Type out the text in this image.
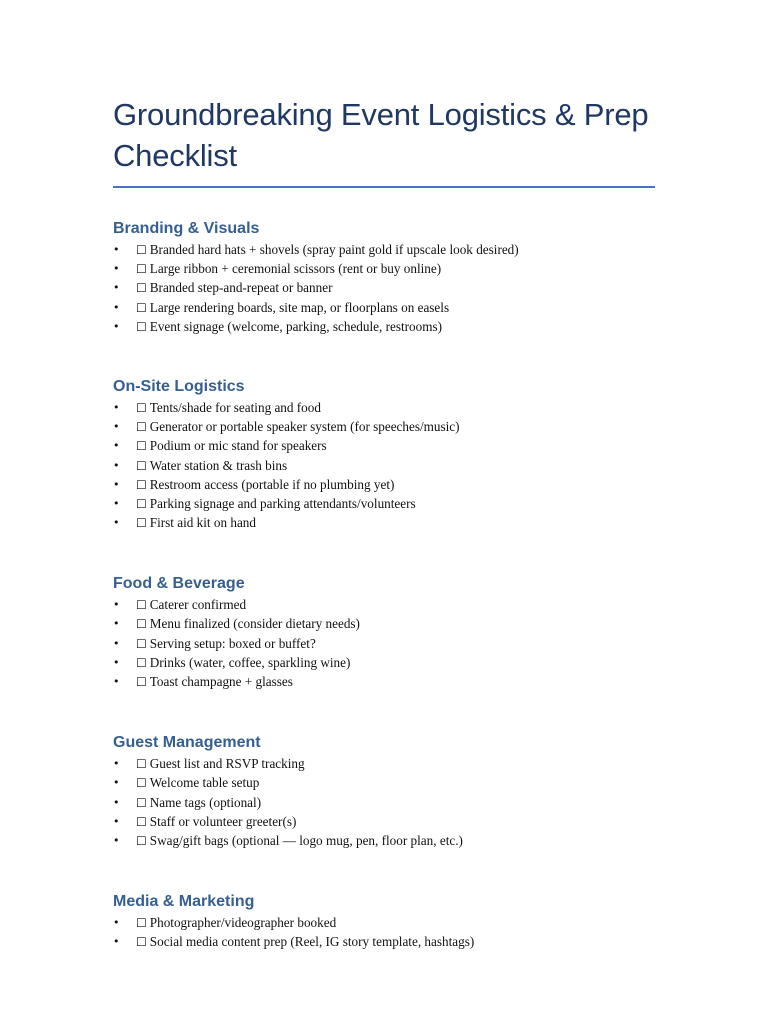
Groundbreaking Event Logistics & Prep Checklist
Branding & Visuals
• ☐ Branded hard hats + shovels (spray paint gold if upscale look desired)
• ☐ Large ribbon + ceremonial scissors (rent or buy online)
• ☐ Branded step-and-repeat or banner
• ☐ Large rendering boards, site map, or floorplans on easels
• ☐ Event signage (welcome, parking, schedule, restrooms)
On-Site Logistics
• ☐ Tents/shade for seating and food
• ☐ Generator or portable speaker system (for speeches/music)
• ☐ Podium or mic stand for speakers
• ☐ Water station & trash bins
• ☐ Restroom access (portable if no plumbing yet)
• ☐ Parking signage and parking attendants/volunteers
• ☐ First aid kit on hand
Food & Beverage
• ☐ Caterer confirmed
• ☐ Menu finalized (consider dietary needs)
• ☐ Serving setup: boxed or buffet?
• ☐ Drinks (water, coffee, sparkling wine)
• ☐ Toast champagne + glasses
Guest Management
• ☐ Guest list and RSVP tracking
• ☐ Welcome table setup
• ☐ Name tags (optional)
• ☐ Staff or volunteer greeter(s)
• ☐ Swag/gift bags (optional — logo mug, pen, floor plan, etc.)
Media & Marketing
• ☐ Photographer/videographer booked
• ☐ Social media content prep (Reel, IG story template, hashtags)
